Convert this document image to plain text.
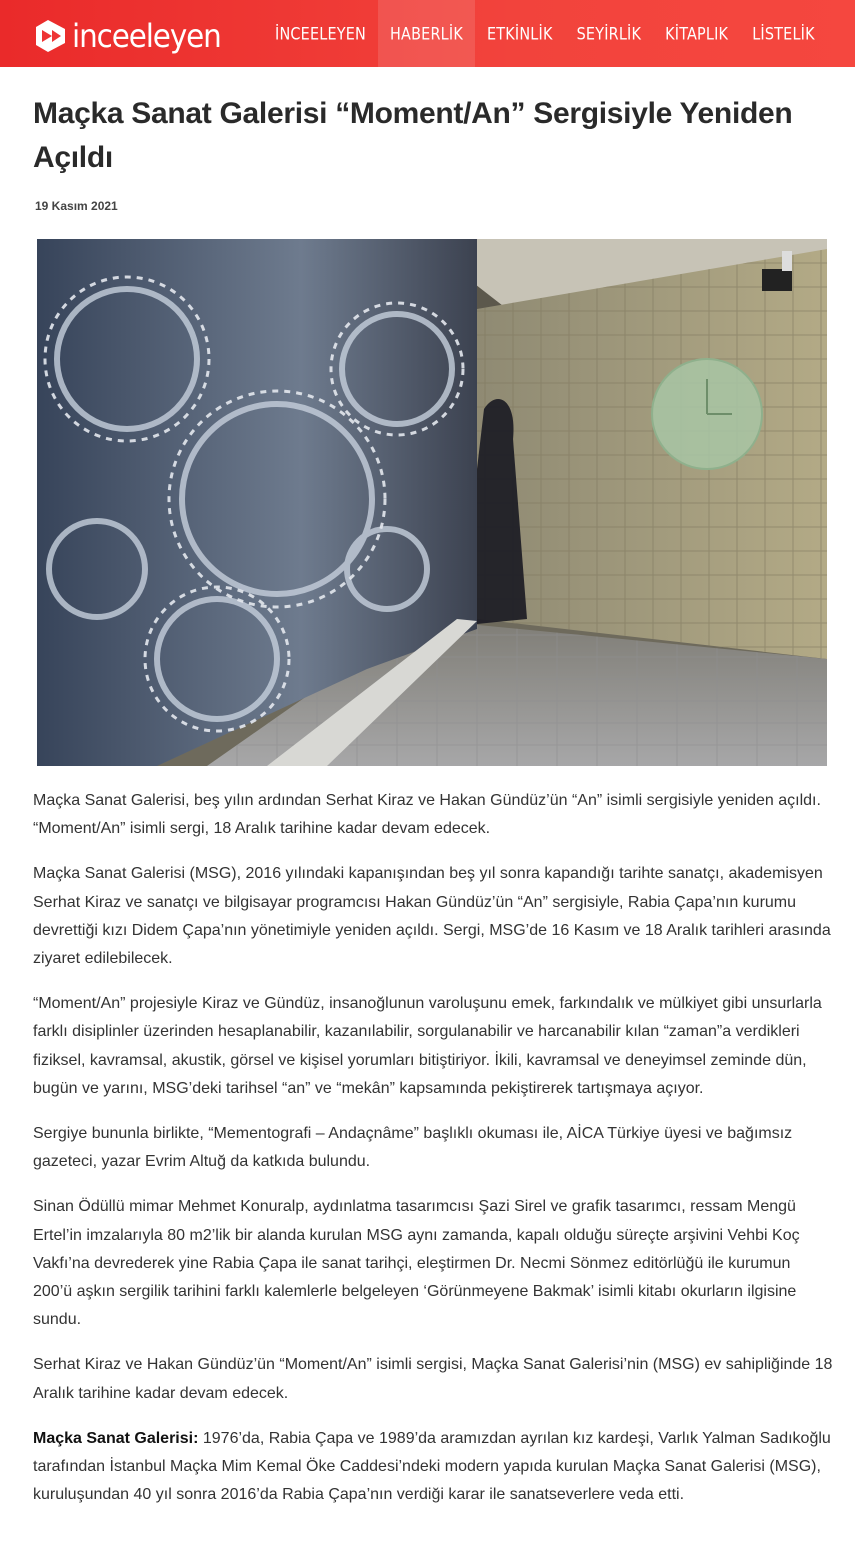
inceeleyen	İNCEELEYEN	HABERLİK	ETKİNLİK	SEYİRLİK	KİTAPLIK	LİSTELİK
Maçka Sanat Galerisi “Moment/An” Sergisiyle Yeniden Açıldı
19 Kasım 2021

Maçka Sanat Galerisi, beş yılın ardından Serhat Kiraz ve Hakan Gündüz’ün “An” isimli sergisiyle yeniden açıldı. “Moment/An” isimli sergi, 18 Aralık tarihine kadar devam edecek.

Maçka Sanat Galerisi (MSG), 2016 yılındaki kapanışından beş yıl sonra kapandığı tarihte sanatçı, akademisyen Serhat Kiraz ve sanatçı ve bilgisayar programcısı Hakan Gündüz’ün “An” sergisiyle, Rabia Çapa’nın kurumu devrettiği kızı Didem Çapa’nın yönetimiyle yeniden açıldı. Sergi, MSG’de 16 Kasım ve 18 Aralık tarihleri arasında ziyaret edilebilecek.

“Moment/An” projesiyle Kiraz ve Gündüz, insanoğlunun varoluşunu emek, farkındalık ve mülkiyet gibi unsurlarla farklı disiplinler üzerinden hesaplanabilir, kazanılabilir, sorgulanabilir ve harcanabilir kılan “zaman”a verdikleri fiziksel, kavramsal, akustik, görsel ve kişisel yorumları bitiştiriyor. İkili, kavramsal ve deneyimsel zeminde dün, bugün ve yarını, MSG’deki tarihsel “an” ve “mekân” kapsamında pekiştirerek tartışmaya açıyor.

Sergiye bununla birlikte, “Mementografi – Andaçnâme” başlıklı okuması ile, AİCA Türkiye üyesi ve bağımsız gazeteci, yazar Evrim Altuğ da katkıda bulundu.

Sinan Ödüllü mimar Mehmet Konuralp, aydınlatma tasarımcısı Şazi Sirel ve grafik tasarımcı, ressam Mengü Ertel’in imzalarıyla 80 m2’lik bir alanda kurulan MSG aynı zamanda, kapalı olduğu süreçte arşivini Vehbi Koç Vakfı’na devrederek yine Rabia Çapa ile sanat tarihçi, eleştirmen Dr. Necmi Sönmez editörlüğü ile kurumun 200’ü aşkın sergilik tarihini farklı kalemlerle belgeleyen ‘Görünmeyene Bakmak’ isimli kitabı okurların ilgisine sundu.

Serhat Kiraz ve Hakan Gündüz’ün “Moment/An” isimli sergisi, Maçka Sanat Galerisi’nin (MSG) ev sahipliğinde 18 Aralık tarihine kadar devam edecek.

Maçka Sanat Galerisi: 1976’da, Rabia Çapa ve 1989’da aramızdan ayrılan kız kardeşi, Varlık Yalman Sadıkoğlu tarafından İstanbul Maçka Mim Kemal Öke Caddesi’ndeki modern yapıda kurulan Maçka Sanat Galerisi (MSG), kuruluşundan 40 yıl sonra 2016’da Rabia Çapa’nın verdiği karar ile sanatseverlere veda etti.
